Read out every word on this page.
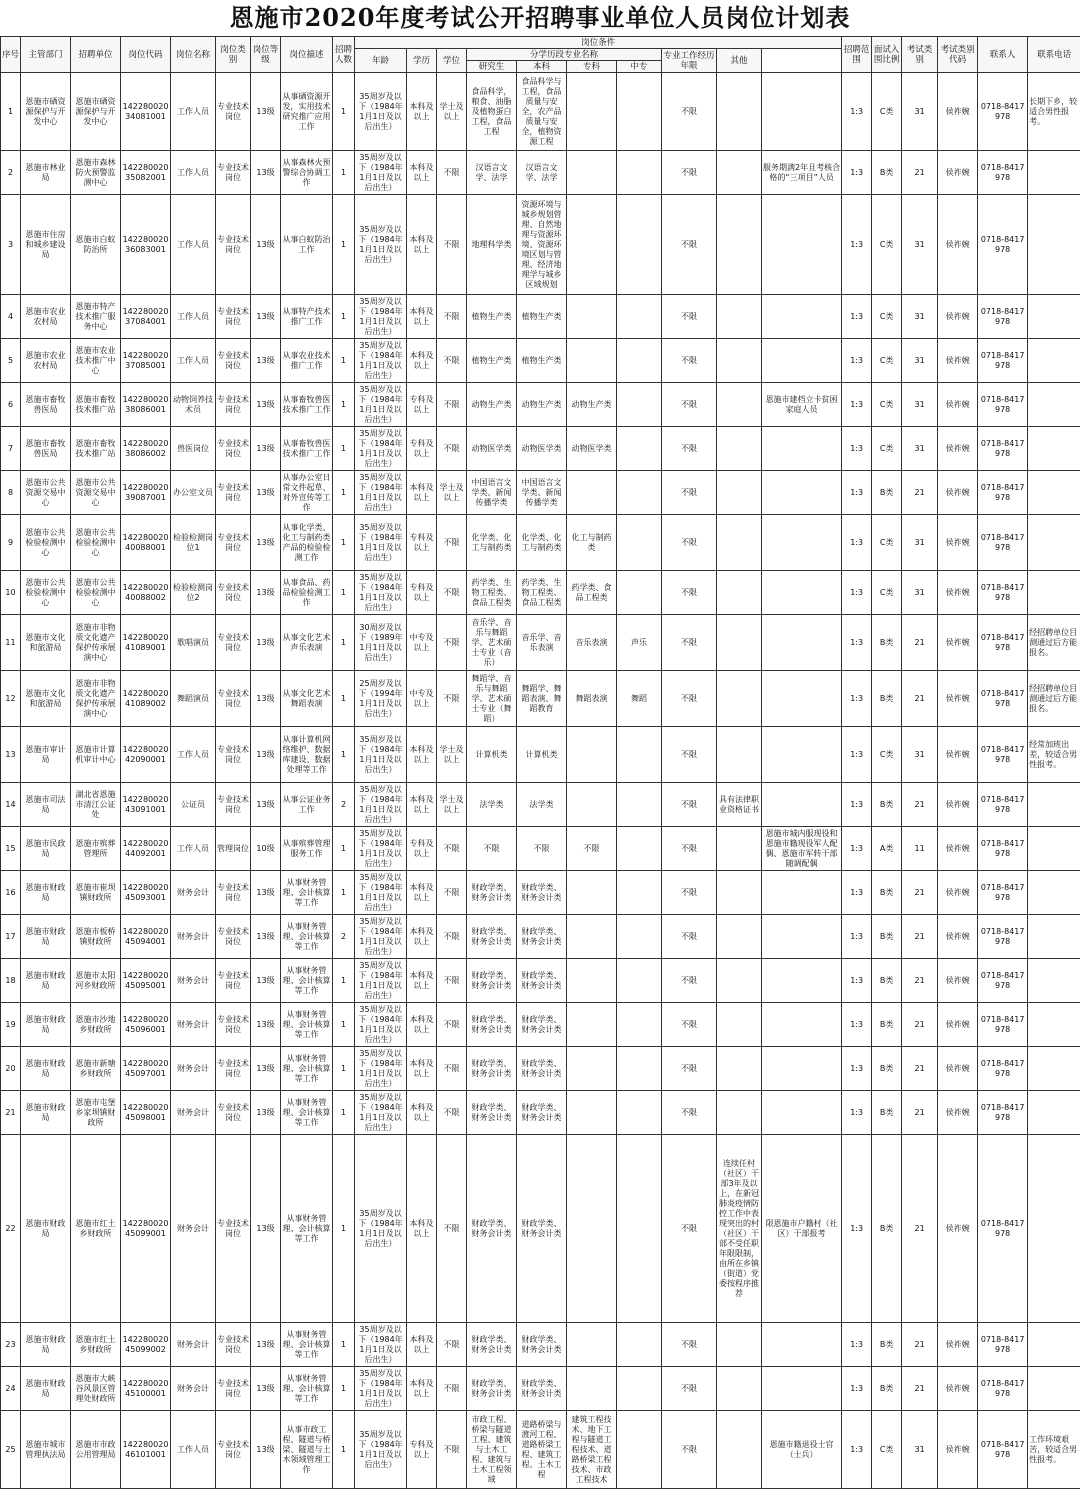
恩施市2020年度考试公开招聘事业单位人员岗位计划表
序号	主管部门	招聘单位	岗位代码	岗位名称	岗位类别	岗位等级	岗位描述	招聘人数	岗位条件										招聘范围	面试入围比例	考试类别	考试类别代码	联系人	联系电话	
									年龄	学历	学位	分学历段专业名称				专业工作经历年限	其他								
												研究生	本科	专科	中专										
1	恩施市硒资源保护与开发中心	恩施市硒资源保护与开发中心	14228002034081001	工作人员	专业技术岗位	13级	从事硒资源开发，实用技术研究推广应用工作	1	35周岁及以下（1984年1月1日及以后出生）	本科及以上	学士及以上	食品科学，粮食、油脂及植物蛋白工程，食品工程	食品科学与工程，食品质量与安全，农产品质量与安全，植物资源工程			不限			1:3	C类	31	侯祚婉	0718-8417978	长期下乡，较适合男性报考。	
2	恩施市林业局	恩施市森林防火预警监测中心	14228002035082001	工作人员	专业技术岗位	13级	从事森林火预警综合协调工作	1	35周岁及以下（1984年1月1日及以后出生）	本科及以上	不限	汉语言文学、法学	汉语言文学、法学			不限		服务期满2年且考核合格的“三项目”人员	1:3	B类	21	侯祚婉	0718-8417978		
3	恩施市住房和城乡建设局	恩施市白蚁防治所	14228002036083001	工作人员	专业技术岗位	13级	从事白蚁防治工作	1	35周岁及以下（1984年1月1日及以后出生）	本科及以上	不限	地理科学类	资源环境与城乡规划管理、自然地理与资源环境、资源环境区划与管理、经济地理学与城乡区域规划			不限			1:3	C类	31	侯祚婉	0718-8417978		
4	恩施市农业农村局	恩施市特产技术推广服务中心	14228002037084001	工作人员	专业技术岗位	13级	从事特产技术推广工作	1	35周岁及以下（1984年1月1日及以后出生）	本科及以上	不限	植物生产类	植物生产类			不限			1:3	C类	31	侯祚婉	0718-8417978		
5	恩施市农业农村局	恩施市农业技术推广中心	14228002037085001	工作人员	专业技术岗位	13级	从事农业技术推广工作	1	35周岁及以下（1984年1月1日及以后出生）	本科及以上	不限	植物生产类	植物生产类			不限			1:3	C类	31	侯祚婉	0718-8417978		
6	恩施市畜牧兽医局	恩施市畜牧技术推广站	14228002038086001	动物饲养技术员	专业技术岗位	13级	从事畜牧兽医技术推广工作	1	35周岁及以下（1984年1月1日及以后出生）	专科及以上	不限	动物生产类	动物生产类	动物生产类		不限		恩施市建档立卡贫困家庭人员	1:3	C类	31	侯祚婉	0718-8417978		
7	恩施市畜牧兽医局	恩施市畜牧技术推广站	14228002038086002	兽医岗位	专业技术岗位	13级	从事畜牧兽医技术推广工作	1	35周岁及以下（1984年1月1日及以后出生）	专科及以上	不限	动物医学类	动物医学类	动物医学类		不限			1:3	C类	31	侯祚婉	0718-8417978		
8	恩施市公共资源交易中心	恩施市公共资源交易中心	14228002039087001	办公室文员	专业技术岗位	13级	从事办公室日常文件起草、对外宣传等工作	1	35周岁及以下（1984年1月1日及以后出生）	本科及以上	学士及以上	中国语言文学类、新闻传播学类	中国语言文学类、新闻传播学类			不限			1:3	B类	21	侯祚婉	0718-8417978		
9	恩施市公共检验检测中心	恩施市公共检验检测中心	14228002040088001	检验检测岗位1	专业技术岗位	13级	从事化学类、化工与制药类产品的检验检测工作	1	35周岁及以下（1984年1月1日及以后出生）	专科及以上	不限	化学类、化工与制药类	化学类、化工与制药类	化工与制药类		不限			1:3	C类	31	侯祚婉	0718-8417978		
10	恩施市公共检验检测中心	恩施市公共检验检测中心	14228002040088002	检验检测岗位2	专业技术岗位	13级	从事食品、药品检验检测工作	1	35周岁及以下（1984年1月1日及以后出生）	专科及以上	不限	药学类、生物工程类、食品工程类	药学类、生物工程类、食品工程类	药学类、食品工程类		不限			1:3	C类	31	侯祚婉	0718-8417978		
11	恩施市文化和旅游局	恩施市非物质文化遗产保护传承展演中心	14228002041089001	歌唱演员	专业技术岗位	13级	从事文化艺术声乐表演	1	30周岁及以下（1989年1月1日及以后出生）	中专及以上	不限	音乐学、音乐与舞蹈学、艺术硕士专业（音乐）	音乐学、音乐表演	音乐表演	声乐	不限			1:3	B类	21	侯祚婉	0718-8417978	经招聘单位目测通过后方能报名。	
12	恩施市文化和旅游局	恩施市非物质文化遗产保护传承展演中心	14228002041089002	舞蹈演员	专业技术岗位	13级	从事文化艺术舞蹈表演	1	25周岁及以下（1994年1月1日及以后出生）	中专及以上	不限	舞蹈学、音乐与舞蹈学、艺术硕士专业（舞蹈）	舞蹈学、舞蹈表演、舞蹈教育	舞蹈表演	舞蹈	不限			1:3	B类	21	侯祚婉	0718-8417978	经招聘单位目测通过后方能报名。	
13	恩施市审计局	恩施市计算机审计中心	14228002042090001	工作人员	专业技术岗位	13级	从事计算机网络维护、数据库建设、数据处理等工作	1	35周岁及以下（1984年1月1日及以后出生）	本科及以上	学士及以上	计算机类	计算机类			不限			1:3	C类	31	侯祚婉	0718-8417978	经常加班出差，较适合男性报考。	
14	恩施市司法局	湖北省恩施市清江公证处	14228002043091001	公证员	专业技术岗位	13级	从事公证业务工作	2	35周岁及以下（1984年1月1日及以后出生）	本科及以上	学士及以上	法学类	法学类			不限	具有法律职业资格证书		1:3	B类	21	侯祚婉	0718-8417978		
15	恩施市民政局	恩施市殡葬管理所	14228002044092001	工作人员	管理岗位	10级	从事殡葬管理服务工作	1	35周岁及以下（1984年1月1日及以后出生）	专科及以上	不限	不限	不限	不限		不限		恩施市城内服现役和恩施市籍现役军人配偶、恩施市军转干部随调配偶	1:3	A类	11	侯祚婉	0718-8417978		
16	恩施市财政局	恩施市崔坝镇财政所	14228002045093001	财务会计	专业技术岗位	13级	从事财务管理、会计核算等工作	1	35周岁及以下（1984年1月1日及以后出生）	本科及以上	不限	财政学类、财务会计类	财政学类、财务会计类			不限			1:3	B类	21	侯祚婉	0718-8417978		
17	恩施市财政局	恩施市板桥镇财政所	14228002045094001	财务会计	专业技术岗位	13级	从事财务管理、会计核算等工作	2	35周岁及以下（1984年1月1日及以后出生）	本科及以上	不限	财政学类、财务会计类	财政学类、财务会计类			不限			1:3	B类	21	侯祚婉	0718-8417978		
18	恩施市财政局	恩施市太阳河乡财政所	14228002045095001	财务会计	专业技术岗位	13级	从事财务管理、会计核算等工作	1	35周岁及以下（1984年1月1日及以后出生）	本科及以上	不限	财政学类、财务会计类	财政学类、财务会计类			不限			1:3	B类	21	侯祚婉	0718-8417978		
19	恩施市财政局	恩施市沙地乡财政所	14228002045096001	财务会计	专业技术岗位	13级	从事财务管理、会计核算等工作	1	35周岁及以下（1984年1月1日及以后出生）	本科及以上	不限	财政学类、财务会计类	财政学类、财务会计类			不限			1:3	B类	21	侯祚婉	0718-8417978		
20	恩施市财政局	恩施市新塘乡财政所	14228002045097001	财务会计	专业技术岗位	13级	从事财务管理、会计核算等工作	1	35周岁及以下（1984年1月1日及以后出生）	本科及以上	不限	财政学类、财务会计类	财政学类、财务会计类			不限			1:3	B类	21	侯祚婉	0718-8417978		
21	恩施市财政局	恩施市屯堡乡家坝镇财政所	14228002045098001	财务会计	专业技术岗位	13级	从事财务管理、会计核算等工作	1	35周岁及以下（1984年1月1日及以后出生）	本科及以上	不限	财政学类、财务会计类	财政学类、财务会计类			不限			1:3	B类	21	侯祚婉	0718-8417978		
22	恩施市财政局	恩施市红土乡财政所	14228002045099001	财务会计	专业技术岗位	13级	从事财务管理、会计核算等工作	1	35周岁及以下（1984年1月1日及以后出生）	本科及以上	不限	财政学类、财务会计类	财政学类、财务会计类			不限	连续任村（社区）干部3年及以上，在新冠肺炎疫情防控工作中表现突出的村（社区）干部不受任职年限限制，由所在乡镇（街道）党委按程序推荐	限恩施市户籍村（社区）干部报考	1:3	B类	21	侯祚婉	0718-8417978		
23	恩施市财政局	恩施市红土乡财政所	14228002045099002	财务会计	专业技术岗位	13级	从事财务管理、会计核算等工作	1	35周岁及以下（1984年1月1日及以后出生）	本科及以上	不限	财政学类、财务会计类	财政学类、财务会计类			不限			1:3	B类	21	侯祚婉	0718-8417978		
24	恩施市财政局	恩施市大峡谷风景区管理处财政所	14228002045100001	财务会计	专业技术岗位	13级	从事财务管理、会计核算等工作	1	35周岁及以下（1984年1月1日及以后出生）	本科及以上	不限	财政学类、财务会计类	财政学类、财务会计类			不限			1:3	B类	21	侯祚婉	0718-8417978		
25	恩施市城市管理执法局	恩施市市政公用管理局	14228002046101001	工作人员	专业技术岗位	13级	从事市政工程、隧道与桥梁、隧道与土木领域管理工作	1	35周岁及以下（1984年1月1日及以后出生）	专科及以上	不限	市政工程、桥梁与隧道工程、建筑与土木工程、建筑与土木工程领域	道路桥梁与渡河工程、道路桥梁工程、建筑工程、土木工程	建筑工程技术、地下工程与隧道工程技术、道路桥梁工程技术、市政工程技术		不限		恩施市籍退役士官（士兵）	1:3	C类	31	侯祚婉	0718-8417978	工作环境艰苦，较适合男性报考。	
